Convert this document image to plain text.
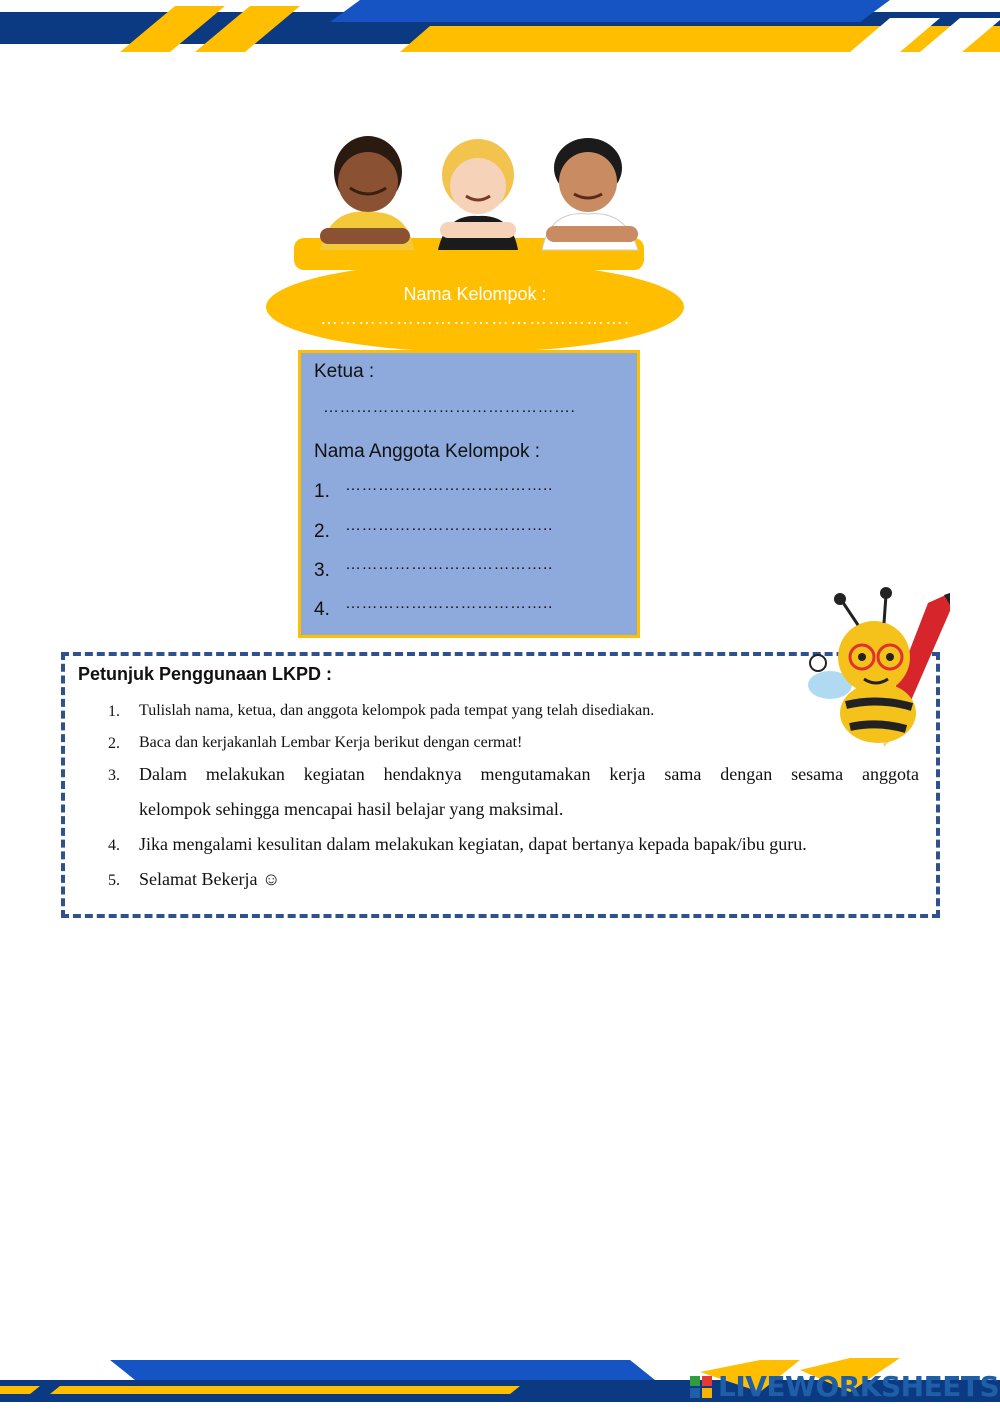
Nama Kelompok :
………………………………………….
Ketua :
……………………………………….
Nama Anggota Kelompok :
1. ………………………………..
2. ………………………………..
3. ………………………………..
4. ………………………………..
Petunjuk Penggunaan LKPD :
1. Tulislah nama, ketua, dan anggota kelompok pada tempat yang telah disediakan.
2. Baca dan kerjakanlah Lembar Kerja berikut dengan cermat!
3. Dalam melakukan kegiatan hendaknya mengutamakan kerja sama dengan sesama anggota
kelompok sehingga mencapai hasil belajar yang maksimal.
4. Jika mengalami kesulitan dalam melakukan kegiatan, dapat bertanya kepada bapak/ibu guru.
5. Selamat Bekerja ☺
LIVEWORKSHEETS
